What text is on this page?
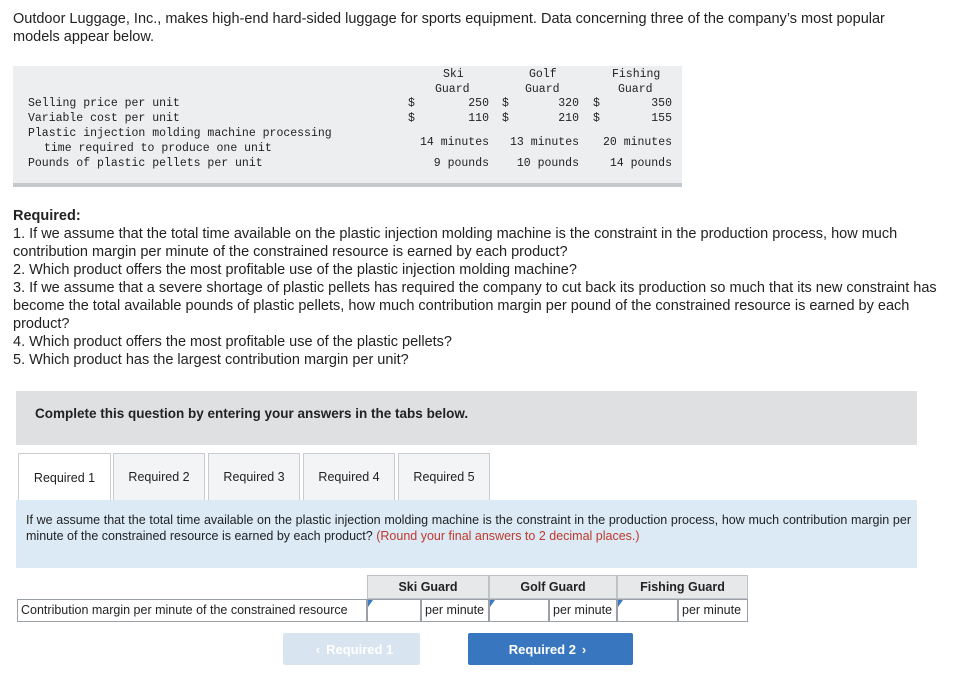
Outdoor Luggage, Inc., makes high-end hard-sided luggage for sports equipment. Data concerning three of the company’s most popular models appear below.
Ski
Guard
Golf
Guard
Fishing
Guard
Selling price per unit	$	250 $	320 $	350
Variable cost per unit	$	110 $	210 $	155
Plastic injection molding machine processing
time required to produce one unit	14 minutes	13 minutes	20 minutes
Pounds of plastic pellets per unit	9 pounds	10 pounds	14 pounds

Required:

1. If we assume that the total time available on the plastic injection molding machine is the constraint in the production process, how much contribution margin per minute of the constrained resource is earned by each product?

2. Which product offers the most profitable use of the plastic injection molding machine?

3. If we assume that a severe shortage of plastic pellets has required the company to cut back its production so much that its new constraint has become the total available pounds of plastic pellets, how much contribution margin per pound of the constrained resource is earned by each product?

4. Which product offers the most profitable use of the plastic pellets?

5. Which product has the largest contribution margin per unit?

Complete this question by entering your answers in the tabs below.
Required 1	Required 2	Required 3	Required 4	Required 5

If we assume that the total time available on the plastic injection molding machine is the constraint in the production process, how much contribution margin per minute of the constrained resource is earned by each product? (Round your final answers to 2 decimal places.)

Ski Guard	Golf Guard	Fishing Guard
Contribution margin per minute of the constrained resource	per minute	per minute	per minute
‹ Required 1	Required 2 ›
